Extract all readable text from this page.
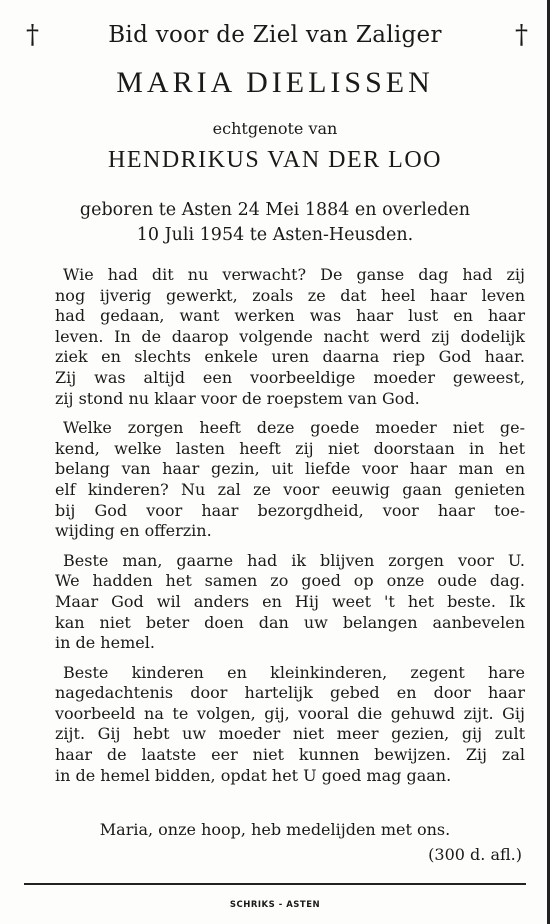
†	†
Bid voor de Ziel van Zaliger
MARIA DIELISSEN
echtgenote van
HENDRIKUS VAN DER LOO
geboren te Asten 24 Mei 1884 en overleden
10 Juli 1954 te Asten-Heusden.
Wie had dit nu verwacht? De ganse dag had zij
nog ijverig gewerkt, zoals ze dat heel haar leven
had gedaan, want werken was haar lust en haar
leven. In de daarop volgende nacht werd zij dodelijk
ziek en slechts enkele uren daarna riep God haar.
Zij was altijd een voorbeeldige moeder geweest,
zij stond nu klaar voor de roepstem van God.
Welke zorgen heeft deze goede moeder niet ge-
kend, welke lasten heeft zij niet doorstaan in het
belang van haar gezin, uit liefde voor haar man en
elf kinderen? Nu zal ze voor eeuwig gaan genieten
bij God voor haar bezorgdheid, voor haar toe-
wijding en offerzin.
Beste man, gaarne had ik blijven zorgen voor U.
We hadden het samen zo goed op onze oude dag.
Maar God wil anders en Hij weet 't het beste. Ik
kan niet beter doen dan uw belangen aanbevelen
in de hemel.
Beste kinderen en kleinkinderen, zegent hare
nagedachtenis door hartelijk gebed en door haar
voorbeeld na te volgen, gij, vooral die gehuwd zijt. Gij
zijt. Gij hebt uw moeder niet meer gezien, gij zult
haar de laatste eer niet kunnen bewijzen. Zij zal
in de hemel bidden, opdat het U goed mag gaan.
Maria, onze hoop, heb medelijden met ons.
(300 d. afl.)
SCHRIKS - ASTEN
